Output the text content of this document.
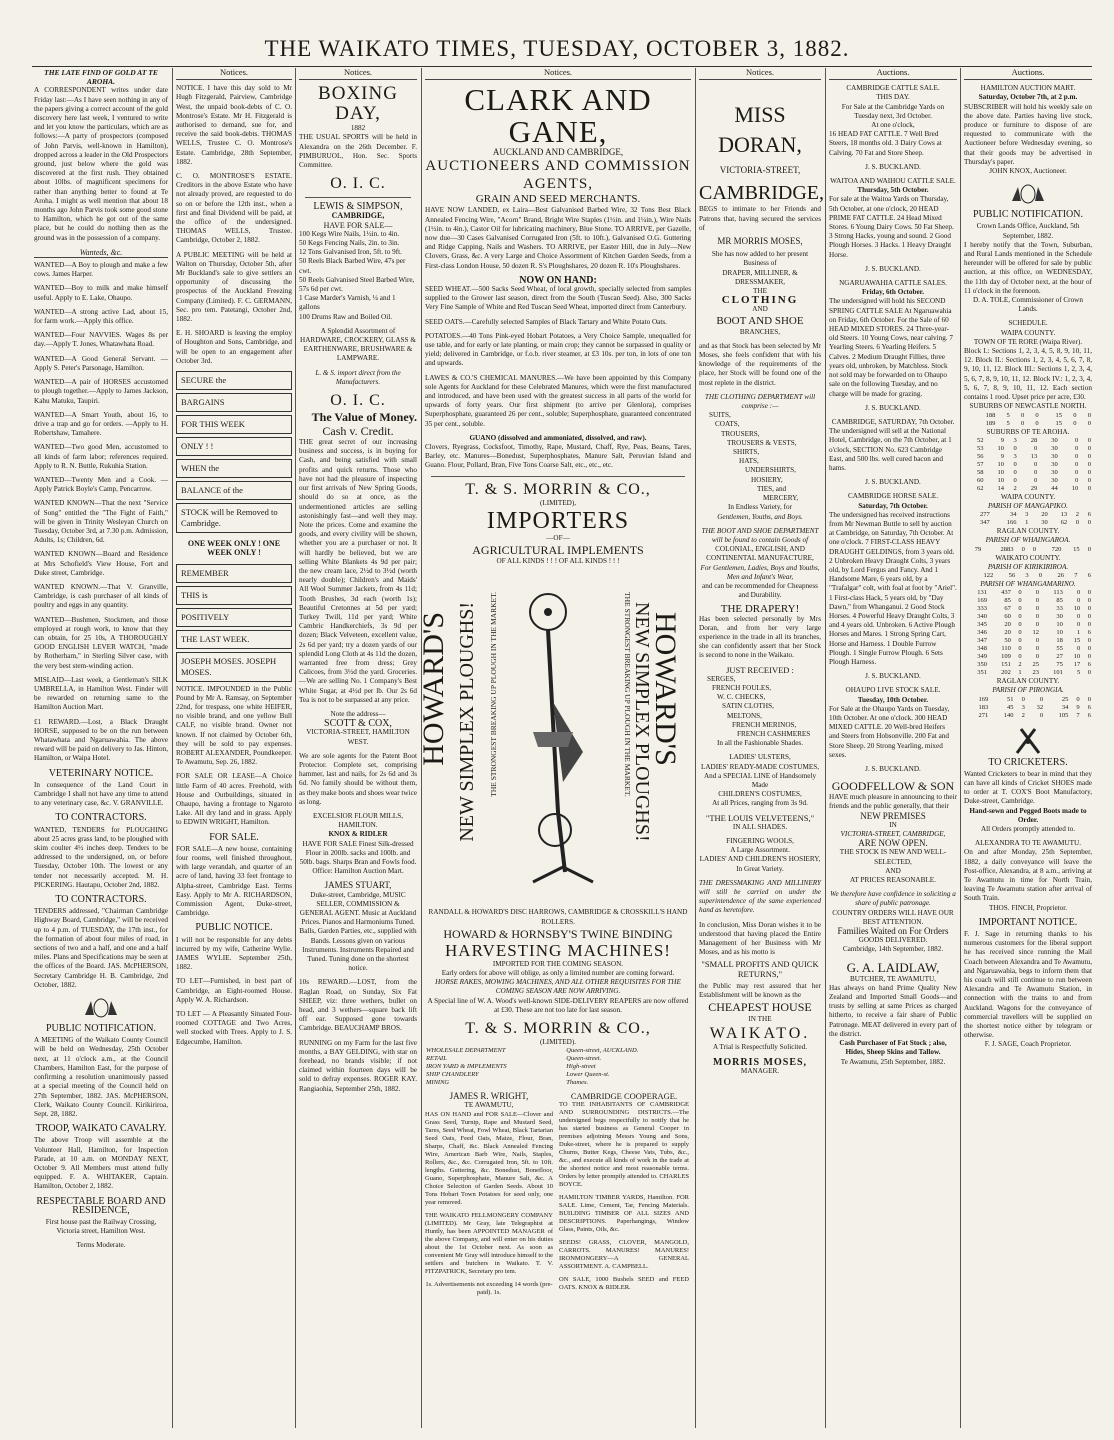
THE WAIKATO TIMES, TUESDAY, OCTOBER 3, 1882.
THE LATE FIND OF GOLD AT TE AROHA.
A CORRESPONDENT writes under date Friday last:—As I have seen nothing in any of the papers giving a correct account of the gold discovery here last week, I ventured to write and let you know the particulars, which are as follows:—A party of prospectors (composed of John Parvis, well-known in Hamilton), dropped across a leader in the Old Prospectors ground, just below where the gold was discovered at the first rush. They obtained about 10lbs. of magnificent specimens for rather than anything better to found at Te Aroha. I might as well mention that about 18 months ago John Parvis took some good stone to Hamilton, which he got out of the same place, but he could do nothing then as the ground was in the possession of a company.
Wanteds, &c.
WANTED—A Boy to plough and make a few cows. James Harper.
WANTED—Boy to milk and make himself useful. Apply to E. Lake, Ohaupo.
WANTED—A strong active Lad, about 15, for farm work.—Apply this office.
WANTED—Four NAVVIES. Wages 8s per day.—Apply T. Jones, Whatawhata Road.
WANTED—A Good General Servant. —Apply S. Peter's Parsonage, Hamilton.
WANTED—A pair of HORSES accustomed to plough together.—Apply to James Jackson, Kahu Matuku, Taupiri.
WANTED—A Smart Youth, about 16, to drive a trap and go for orders. —Apply to H. Robertshaw, Tamahere.
WANTED—Two good Men, accustomed to all kinds of farm labor; references required. Apply to R. N. Buttle, Rukuhia Station.
WANTED—Twenty Men and a Cook. —Apply Patrick Boyle's Camp, Pencarrow.
WANTED KNOWN—That the next "Service of Song" entitled the "The Fight of Faith," will be given in Trinity Wesleyan Church on Tuesday, October 3rd, at 7.30 p.m. Admission, Adults, 1s; Children, 6d.
WANTED KNOWN—Board and Residence at Mrs Schofield's View House, Fort and Duke street, Cambridge.
WANTED KNOWN.—That V. Granville, Cambridge, is cash purchaser of all kinds of poultry and eggs in any quantity.
WANTED—Bushmen, Stockmen, and those employed at rough work, to know that they can obtain, for 25 10s, A THOROUGHLY GOOD ENGLISH LEVER WATCH, "made by Rotherham," in Sterling Silver case, with the very best stem-winding action.
MISLAID—Last week, a Gentleman's SILK UMBRELLA, in Hamilton West. Finder will be rewarded on returning same to the Hamilton Auction Mart.
£1 REWARD.—Lost, a Black Draught HORSE, supposed to be on the run between Whatawhata and Ngaruawahia. The above reward will be paid on delivery to Jas. Hinton, Hamilton, or Waipa Hotel.
VETERINARY NOTICE.
In consequence of the Land Court in Cambridge I shall not have any time to attend to any veterinary case, &c. V. GRANVILLE.
TO CONTRACTORS.
WANTED, TENDERS for PLOUGHING about 25 acres grass land, to be ploughed with skim coulter 4½ inches deep. Tenders to be addressed to the undersigned, on, or before Tuesday, October 10th. The lowest or any tender not necessarily accepted. M. H. PICKERING. Hautapu, October 2nd, 1882.
TO CONTRACTORS.
TENDERS addressed, "Chairman Cambridge Highway Board, Cambridge," will be received up to 4 p.m. of TUESDAY, the 17th inst., for the formation of about four miles of road, in sections of two and a half, and one and a half miles. Plans and Specifications may be seen at the offices of the Board. JAS. McPHERSON, Secretary Cambridge H. B. Cambridge, 2nd October, 1882.
PUBLIC NOTIFICATION.
A MEETING of the Waikato County Council will be held on Wednesday, 25th October next, at 11 o'clock a.m., at the Council Chambers, Hamilton East, for the purpose of confirming a resolution unanimously passed at a special meeting of the Council held on 27th September, 1882. JAS. McPHERSON, Clerk, Waikato County Council. Kirikiriroa, Sept. 28, 1882.
TROOP, WAIKATO CAVALRY.
The above Troop will assemble at the Volunteer Hall, Hamilton, for Inspection Parade, at 10 a.m. on MONDAY NEXT, October 9. All Members must attend fully equipped. F. A. WHITAKER, Captain. Hamilton, October 2, 1882.
RESPECTABLE BOARD AND RESIDENCE,
First house past the Railway Crossing, Victoria street, Hamilton West.
Terms Moderate.
Notices.
NOTICE. I have this day sold to Mr Hugh Fitzgerald, Pairview, Cambridge West, the unpaid book-debts of C. O. Montrose's Estate. Mr H. Fitzgerald is authorised to demand, sue for, and receive the said book-debts. THOMAS WELLS, Trustee C. O. Montrose's Estate. Cambridge, 28th September, 1882.
C. O. MONTROSE'S ESTATE. Creditors in the above Estate who have not already proved, are requested to do so on or before the 12th inst., when a first and final Dividend will be paid, at the office of the undersigned. THOMAS WELLS, Trustee. Cambridge, October 2, 1882.
A PUBLIC MEETING will be held at Walton on Thursday, October 5th, after Mr Buckland's sale to give settlers an opportunity of discussing the prospectus of the Auckland Freezing Company (Limited). F. C. GERMANN, Sec. pro tem. Patetangi, October 2nd, 1882.
E. H. SHOARD is leaving the employ of Houghton and Sons, Cambridge, and will be open to an engagement after October 3rd.
SECURE the
BARGAINS
FOR THIS WEEK
ONLY ! !
WHEN the
BALANCE of the
STOCK will be Removed to Cambridge.
ONE WEEK ONLY ! ONE WEEK ONLY !
REMEMBER
THIS is
POSITIVELY
THE LAST WEEK.
JOSEPH MOSES. JOSEPH MOSES.
NOTICE. IMPOUNDED in the Public Pound by Mr A. Ramsay, on September 22nd, for trespass, one white HEIFER, no visible brand, and one yellow Bull CALF, no visible brand. Owner not known. If not claimed by October 6th, they will be sold to pay expenses. ROBERT ALEXANDER, Poundkeeper. Te Awamutu, Sep. 26, 1882.
FOR SALE OR LEASE—A Choice little Farm of 40 acres. Freehold, with House and Outbuildings, situated in Ohaupo, having a frontage to Ngaroto Lake. All dry land and in grass. Apply to EDWIN WRIGHT, Hamilton.
FOR SALE.
FOR SALE—A new house, containing four rooms, well finished throughout, with large verandah, and quarter of an acre of land, having 33 feet frontage to Alpha-street, Cambridge East. Terms Easy. Apply to Mr A. RICHARDSON, Commission Agent, Duke-street, Cambridge.
PUBLIC NOTICE.
I will not be responsible for any debts incurred by my wife, Catherine Wylie. JAMES WYLIE. September 25th, 1882.
TO LET—Furnished, in best part of Cambridge, an Eight-roomed House. Apply W. A. Richardson.
TO LET — A Pleasantly Situated Four-roomed COTTAGE and Two Acres, well stocked with Trees. Apply to J. S. Edgecumbe, Hamilton.
Notices.
BOXING DAY,
1882
THE USUAL SPORTS will be held in Alexandra on the 26th December. F. PIMBURUOL, Hon. Sec. Sports Committee.
O. I. C.
LEWIS & SIMPSON,
CAMBRIDGE,
HAVE FOR SALE—
100 Kegs Wire Nails, 1½in. to 4in.
50 Kegs Fencing Nails, 2in. to 3in.
12 Tons Galvanised Iron, 5ft. to 9ft.
50 Reels Black Barbed Wire, 47s per cwt.
50 Reels Galvanised Steel Barbed Wire, 57s 6d per cwt.
1 Case Marder's Varnish, ¼ and 1 gallons
100 Drums Raw and Boiled Oil.
A Splendid Assortment of HARDWARE, CROCKERY, GLASS & EARTHENWARE, BRUSHWARE & LAMPWARE.
L. & S. import direct from the Manufacturers.
O. I. C.
The Value of Money.
Cash v. Credit.
THE great secret of our increasing business and success, is in buying for Cash, and being satisfied with small profits and quick returns. Those who have not had the pleasure of inspecting our first arrivals of New Spring Goods, should do so at once, as the undermentioned articles are selling astonishingly fast—and well they may. Note the prices. Come and examine the goods, and every civility will be shown, whether you are a purchaser or not. It will hardly be believed, but we are selling White Blankets 4s 9d per pair; the new cream lace, 2½d to 3½d (worth nearly double); Children's and Maids' All Wool Summer Jackets, from 4s 11d; Tooth Brushes, 3d each (worth 1s); Beautiful Cretonnes at 5d per yard; Turkey Twill, 11d per yard; White Cambric Handkerchiefs, 3s 9d per dozen; Black Velveteen, excellent value, 2s 6d per yard; try a dozen yards of our splendid Long Cloth at 4s 11d the dozen, warranted free from dress; Grey Calicoes, from 3½d the yard. Groceries.—We are selling No. 1 Company's Best White Sugar, at 4½d per lb. Our 2s 6d Tea is not to be surpassed at any price.
Note the address—
SCOTT & COX,
VICTORIA-STREET, HAMILTON WEST.
We are sole agents for the Patent Boot Protector. Complete set, comprising hammer, last and nails, for 2s 6d and 3s 6d. No family should be without them, as they make boots and shoes wear twice as long.
EXCELSIOR FLOUR MILLS, HAMILTON.
KNOX & RIDLER
HAVE FOR SALE Finest Silk-dressed Flour in 200lb. sacks and 100lb. and 50lb. bags. Sharps Bran and Fowls food. Office: Hamilton Auction Mart.
JAMES STUART,
Duke-street, Cambridge, MUSIC SELLER, COMMISSION & GENERAL AGENT. Music at Auckland Prices. Pianos and Harmoniums Tuned. Balls, Garden Parties, etc., supplied with Bands. Lessons given on various Instruments. Instruments Repaired and Tuned. Tuning done on the shortest notice.
10s REWARD.—LOST, from the Raglan Road, on Sunday, Six Fat SHEEP, viz: three wethers, bullet on head, and 3 wethers—square back lift off ear. Supposed gone towards Cambridge. BEAUCHAMP BROS.
RUNNING on my Farm for the last five months, a BAY GELDING, with star on forehead, no brands visible; if not claimed within fourteen days will be sold to defray expenses. ROGER KAY. Rangiaohia, September 25th, 1882.
Notices.
CLARK AND GANE,
AUCKLAND AND CAMBRIDGE,
AUCTIONEERS AND COMMISSION AGENTS,
GRAIN AND SEED MERCHANTS.
HAVE NOW LANDED, ex Laira—Best Galvanised Barbed Wire, 32 Tons Best Black Annealed Fencing Wire, "Acorn" Brand, Bright Wire Staples (1½in. and 1¼in.), Wire Nails (1½in. to 4in.), Castor Oil for lubricating machinery, Blue Stone. TO ARRIVE, per Gazelle, now due—30 Cases Galvanised Corrugated Iron (5ft. to 10ft.), Galvanised O.G. Guttering and Ridge Capping, Nails and Washers. TO ARRIVE, per Easter Hill, due in July—New Clovers, Grass, &c. A very Large and Choice Assortment of Kitchen Garden Seeds, from a First-class London House, 50 dozen R. S's Ploughshares, 20 dozen R. 10's Ploughshares.
NOW ON HAND:
SEED WHEAT.—500 Sacks Seed Wheat, of local growth, specially selected from samples supplied to the Grower last season, direct from the South (Tuscan Seed). Also, 300 Sacks Very Fine Sample of White and Red Tuscan Seed Wheat, imported direct from Canterbury.
SEED OATS.—Carefully selected Samples of Black Tartary and White Potato Oats.
POTATOES.—40 Tons Pink-eyed Hobart Potatoes, a Very Choice Sample, unequalled for use table, and for early or late planting, or main crop; they cannot be surpassed in quality or yield; delivered in Cambridge, or f.o.b. river steamer, at £3 10s. per ton, in lots of one ton and upwards.
LAWES & CO.'S CHEMICAL MANURES.—We have been appointed by this Company sole Agents for Auckland for these Celebrated Manures, which were the first manufactured and introduced, and have been used with the greatest success in all parts of the world for upwards of forty years. Our first shipment (to arrive per Glenlora), comprises Superphosphate, guaranteed 26 per cent., soluble; Superphosphate, guaranteed concentrated 35 per cent., soluble.
GUANO (dissolved and ammoniated, dissolved, and raw).
Clovers, Ryegrass, Cocksfoot, Timothy, Rape, Mustard, Chaff, Rye, Peas, Beans, Tares, Barley, etc. Manures—Bonedust, Superphosphates, Manure Salt, Peruvian Island and Guano. Flour, Pollard, Bran, Five Tons Coarse Salt, etc., etc., etc.
T. & S. MORRIN & CO.,
(LIMITED),
IMPORTERS
—OF—
AGRICULTURAL IMPLEMENTS
OF ALL KINDS ! ! ! OF ALL KINDS ! ! !
HOWARD'S NEW SIMPLEX PLOUGHS! THE STRONGEST BREAKING UP PLOUGH IN THE MARKET.	THE STRONGEST BREAKING UP PLOUGH IN THE MARKET. NEW SIMPLEX PLOUGHS!
HOWARD'S
RANDALL & HOWARD'S DISC HARROWS, CAMBRIDGE & CROSSKILL'S HAND ROLLERS.
HOWARD & HORNSBY'S TWINE BINDING
HARVESTING MACHINES!
IMPORTED FOR THE COMING SEASON.
Early orders for above will oblige, as only a limited number are coming forward.
HORSE RAKES, MOWING MACHINES, AND ALL OTHER REQUISITES FOR THE COMING SEASON ARE NOW ARRIVING.
A Special line of W. A. Wood's well-known SIDE-DELIVERY REAPERS are now offered at £30. These are not too late for last season.
T. & S. MORRIN & CO.,
(LIMITED).
WHOLESALE DEPARTMENT	Queen-street, AUCKLAND.
RETAIL	Queen-street.
IRON YARD & IMPLEMENTS	High-street
SHIP CHANDLERY	Lower Queen-st.
MINING	Thames.
JAMES R. WRIGHT,
TE AWAMUTU,
HAS ON HAND and FOR SALE—Clover and Grass Seed, Turnip, Rape and Mustard Seed, Tares, Seed Wheat, Fowl Wheat, Black Tartarian Seed Oats, Feed Oats, Maize, Flour, Bran, Sharps, Chaff, &c. Black Annealed Fencing Wire, American Barb Wire, Nails, Staples, Rollers, &c., &c. Corrugated Iron, 5ft. to 10ft. lengths. Guttering, &c. Bonedust, Bonefloor, Guano, Superphosphate, Manure Salt, &c. A Choice Selection of Garden Seeds. About 10 Tons Hobart Town Potatoes for seed only, one year removed.
THE WAIKATO FELLMONGERY COMPANY (LIMITED). Mr Gray, late Telegraphist at Huntly, has been APPOINTED MANAGER of the above Company, and will enter on his duties about the 1st October next. As soon as convenient Mr Gray will introduce himself to the settlers and butchers in Waikato. T. V. FITZPATRICK, Secretary pro tem.
1s. Advertisements not exceeding 14 words (pre-paid). 1s.
CAMBRIDGE COOPERAGE.
TO THE INHABITANTS OF CAMBRIDGE AND SURROUNDING DISTRICTS.—The undersigned begs respectfully to notify that he has started business as General Cooper in premises adjoining Messrs Young and Sons, Duke-street, where he is prepared to supply Churns, Butter Kegs, Cheese Vats, Tubs, &c., &c., and execute all kinds of work in the trade at the shortest notice and most reasonable terms. Orders by letter promptly attended to. CHARLES BOYCE.
HAMILTON TIMBER YARDS, Hamilton. FOR SALE. Lime, Cement, Tar, Fencing Materials. BUILDING TIMBER OF ALL SIZES AND DESCRIPTIONS. Paperhangings, Window Glass, Paints, Oils, &c.
SEEDS! GRASS, CLOVER, MANGOLD, CARROTS. MANURES! MANURES! IRONMONGERY—A GENERAL ASSORTMENT. A. CAMPBELL.
ON SALE, 1000 Bushels SEED and FEED OATS. KNOX & RIDLER.
Notices.
MISS DORAN,
VICTORIA-STREET,
CAMBRIDGE,
BEGS to intimate to her Friends and Patrons that, having secured the services of
MR MORRIS MOSES,
She has now added to her present Business of
DRAPER, MILLINER, & DRESSMAKER,
THE
CLOTHING
AND
BOOT AND SHOE
BRANCHES,
and as that Stock has been selected by Mr Moses, she feels confident that with his knowledge of the requirements of the place, her Stock will be found one of the most replete in the district.
THE CLOTHING DEPARTMENT will comprise :—
SUITS,
COATS,
TROUSERS,
TROUSERS & VESTS,
SHIRTS,
HATS,
UNDERSHIRTS,
HOSIERY,
TIES, and
MERCERY,
In Endless Variety, for
Gentlemen, Youths, and Boys.
THE BOOT AND SHOE DEPARTMENT will be found to contain Goods of
COLONIAL, ENGLISH, AND CONTINENTAL MANUFACTURE,
For Gentlemen, Ladies, Boys and Youths, Men and Infant's Wear,
and can be recommended for Cheapness and Durability.
THE DRAPERY!
Has been selected personally by Mrs Doran, and from her very large experience in the trade in all its branches, she can confidently assert that her Stock is second to none in the Waikato.
JUST RECEIVED :
SERGES,
FRENCH FOULES,
W. C. CHECKS,
SATIN CLOTHS,
MELTONS,
FRENCH MERINOS,
FRENCH CASHMERES
In all the Fashionable Shades.
LADIES' ULSTERS,
LADIES' READY-MADE COSTUMES,
And a SPECIAL LINE of Handsomely Made
CHILDREN'S COSTUMES,
At all Prices, ranging from 3s 9d.
"THE LOUIS VELVETEENS,"
IN ALL SHADES.
FINGERING WOOLS,
A Large Assortment.
LADIES' AND CHILDREN'S HOSIERY,
In Great Variety.
THE DRESSMAKING AND MILLINERY will still be carried on under the superintendence of the same experienced hand as heretofore.
In conclusion, Miss Doran wishes it to be understood that having placed the Entire Management of her Business with Mr Moses, and as his motto is
"SMALL PROFITS AND QUICK RETURNS,"
the Public may rest assured that her Establishment will be known as the
CHEAPEST HOUSE
IN THE
WAIKATO.
A Trial is Respectfully Solicited.
MORRIS MOSES,
MANAGER.
Auctions.
CAMBRIDGE CATTLE SALE.
THIS DAY.
For Sale at the Cambridge Yards on Tuesday next, 3rd October.
At one o'clock,
16 HEAD FAT CATTLE. 7 Well Bred Steers, 18 months old. 3 Dairy Cows at Calving. 70 Fat and Store Sheep.
J. S. BUCKLAND.
WAITOA AND WAIHOU CATTLE SALE.
Thursday, 5th October.
For sale at the Waitoa Yards on Thursday, 5th October, at one o'clock, 20 HEAD PRIME FAT CATTLE. 24 Head Mixed Stores. 6 Young Dairy Cows. 50 Fat Sheep. 3 Strong Hacks, young and sound. 2 Good Plough Horses. 3 Hacks. 1 Heavy Draught Horse.
J. S. BUCKLAND.
NGARUAWAHIA CATTLE SALES.
Friday, 6th October.
The undersigned will hold his SECOND SPRING CATTLE SALE At Ngaruawahia on Friday, 6th October. For the Sale of 60 HEAD MIXED STORES. 24 Three-year-old Steers. 10 Young Cows, near calving. 7 Yearling Steers. 6 Yearling Heifers. 5 Calves. 2 Medium Draught Fillies, three years old, unbroken, by Matchless. Stock not sold may be forwarded on to Ohaupo sale on the following Tuesday, and no charge will be made for grazing.
J. S. BUCKLAND.
CAMBRIDGE, SATURDAY, 7th October.
The undersigned will sell at the National Hotel, Cambridge, on the 7th October, at 1 o'clock, SECTION No. 623 Cambridge East, and 500 lbs. well cured bacon and hams.
J. S. BUCKLAND.
CAMBRIDGE HORSE SALE.
Saturday, 7th October.
The undersigned has received instructions from Mr Newman Buttle to sell by auction at Cambridge, on Saturday, 7th October. At one o'clock. 7 FIRST-CLASS HEAVY DRAUGHT GELDINGS, from 3 years old. 2 Unbroken Heavy Draught Colts, 3 years old, by Lord Fergus and Fancy. And 1 Handsome Mare, 6 years old, by a "Trafalgar" colt, with foal at foot by "Ariel". 1 First-class Hack, 5 years old, by "Day Dawn," from Whanganui. 2 Good Stock Horses. 4 Powerful Heavy Draught Colts, 3 and 4 years old. Unbroken. 6 Active Plough Horses and Mares. 1 Strong Spring Cart, Horse and Harness. 1 Double Furrow Plough. 1 Single Furrow Plough. 6 Sets Plough Harness.
J. S. BUCKLAND.
OHAUPO LIVE STOCK SALE.
Tuesday, 10th October.
For Sale at the Ohaupo Yards on Tuesday, 10th October. At one o'clock. 300 HEAD MIXED CATTLE. 20 Well-bred Heifers and Steers from Hobsonville. 200 Fat and Store Sheep. 20 Strong Yearling, mixed sexes.
J. S. BUCKLAND.
GOODFELLOW & SON
HAVE much pleasure in announcing to their friends and the public generally, that their
NEW PREMISES
IN
VICTORIA-STREET, CAMBRIDGE,
ARE NOW OPEN.
THE STOCK IS NEW AND WELL-SELECTED,
AND
AT PRICES REASONABLE.
We therefore have confidence in soliciting a share of public patronage.
COUNTRY ORDERS WILL HAVE OUR BEST ATTENTION.
Families Waited on For Orders
GOODS DELIVERED.
Cambridge, 14th September, 1882.
G. A. LAIDLAW,
BUTCHER, TE AWAMUTU,
Has always on hand Prime Quality New Zealand and Imported Small Goods—and trusts by selling at same Prices as charged hitherto, to receive a fair share of Public Patronage. MEAT delivered in every part of the district.
Cash Purchaser of Fat Stock ; also, Hides, Sheep Skins and Tallow.
Te Awamutu, 25th September, 1882.
Auctions.
HAMILTON AUCTION MART.
Saturday, October 7th, at 2 p.m.
SUBSCRIBER will hold his weekly sale on the above date. Parties having live stock, produce or furniture to dispose of are requested to communicate with the Auctioneer before Wednesday evening, so that their goods may be advertised in Thursday's paper.
JOHN KNOX, Auctioneer.
PUBLIC NOTIFICATION.
Crown Lands Office, Auckland, 5th September, 1882.
I hereby notify that the Town, Suburban, and Rural Lands mentioned in the Schedule hereunder will be offered for sale by public auction, at this office, on WEDNESDAY, the 11th day of October next, at the hour of 11 o'clock in the forenoon.
D. A. TOLE, Commissioner of Crown Lands.
SCHEDULE.
WAIPA COUNTY.
TOWN OF TE RORE (Waipa River).
Block I.: Sections 1, 2, 3, 4, 5, 8, 9, 10, 11, 12. Block II.: Sections 1, 2, 3, 4, 5, 6, 7, 8, 9, 10, 11, 12. Block III.: Sections 1, 2, 3, 4, 5, 6, 7, 8, 9, 10, 11, 12. Block IV.: 1, 2, 3, 4, 5, 6, 7, 8, 9, 10, 11, 12. Each section contains 1 rood. Upset price per acre, £30.
SUBURBS OF NEWCASTLE NORTH.
188	5	0	0	15	0	0
189	5	0	0	15	0	0
SUBURBS OF TE AROHA.
52	9	3	28	30	0	0
53	10	0	0	30	0	0
56	9	3	13	30	0	0
57	10	0	0	30	0	0
58	10	0	0	30	0	0
60	10	0	0	30	0	0
62	14	2	29	44	10	0
WAIPA COUNTY.
PARISH OF MANGAPIKO.
277	34	3	20	13	2	6
347	166	1	30	62	0	0
RAGLAN COUNTY.
PARISH OF WHAINGAROA.
79	2883	0	0	720	15	0
WAIKATO COUNTY.
PARISH OF KIRIKIRIROA.
122	56	3	0	26	7	6
PARISH OF WHANGAMARINO.
131	437	0	0	113	0	0
169	85	0	0	85	0	0
333	67	0	0	33	10	0
340	60	0	0	30	0	0
345	20	0	0	10	0	0
346	20	0	12	10	1	6
347	50	0	0	18	15	0
348	110	0	0	55	0	0
349	109	0	0	27	10	0
350	151	2	25	75	17	6
351	202	1	23	101	5	0
RAGLAN COUNTY.
PARISH OF PIRONGIA.
169	51	0	0	25	0	0
183	45	3	32	34	9	6
271	140	2	0	105	7	6
TO CRICKETERS.
Wanted Cricketers to bear in mind that they can have all kinds of Cricket SHOES made to order at T. COX'S Boot Manufactory, Duke-street, Cambridge.
Hand-sewn and Pegged Boots made to Order.
All Orders promptly attended to.
ALEXANDRA TO TE AWAMUTU.
On and after Monday, 25th September, 1882, a daily conveyance will leave the Post-office, Alexandra, at 8 a.m., arriving at Te Awamutu in time for North Train, leaving Te Awamutu station after arrival of South Train.
THOS. FINCH, Proprietor.
IMPORTANT NOTICE.
F. J. Sage in returning thanks to his numerous customers for the liberal support he has received since running the Mail Coach between Alexandra and Te Awamutu, and Ngaruawahia, begs to inform them that his coach will still continue to run between Alexandra and Te Awamutu Station, in connection with the trains to and from Auckland. Wagons for the conveyance of commercial travellers will be supplied on the shortest notice either by telegram or otherwise.
F. J. SAGE, Coach Proprietor.
